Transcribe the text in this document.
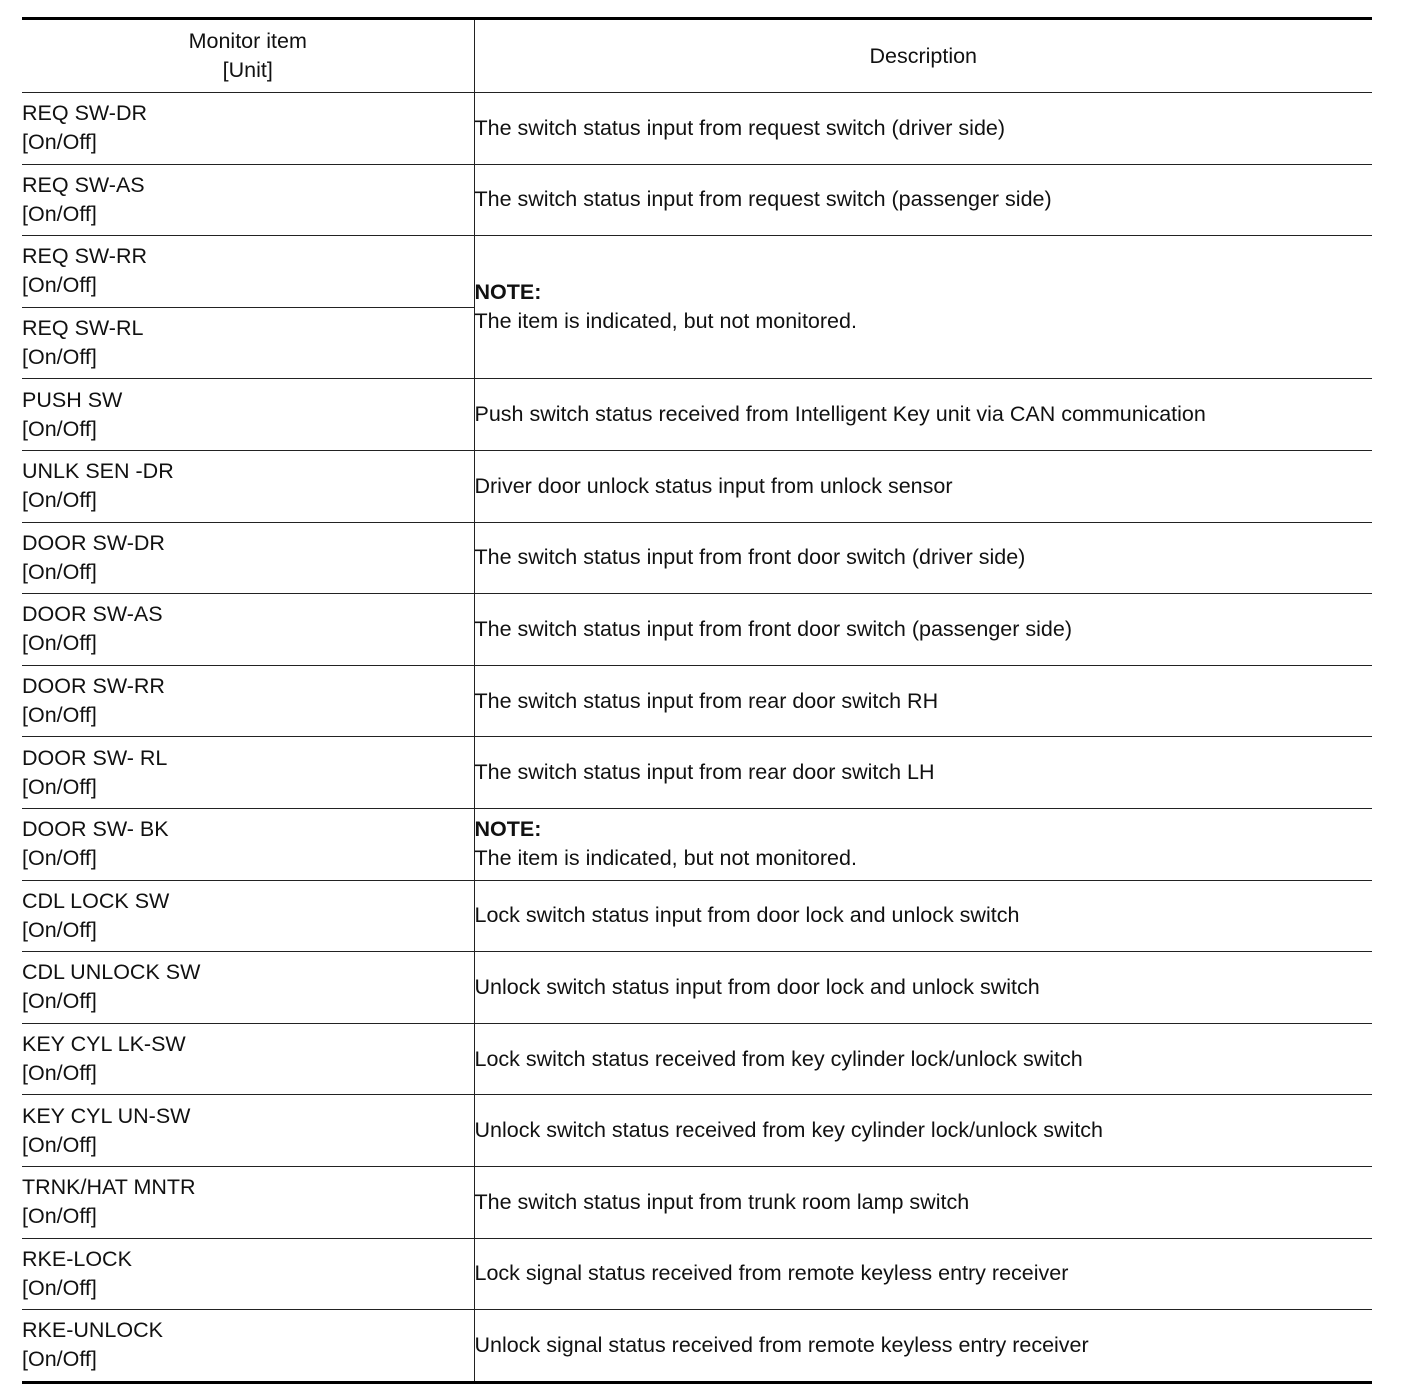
Monitor item
[Unit]	Description

REQ SW-DR
[On/Off]	The switch status input from request switch (driver side)

REQ SW-AS
[On/Off]	The switch status input from request switch (passenger side)

REQ SW-RR
[On/Off]	NOTE:
The item is indicated, but not monitored.

REQ SW-RL
[On/Off]	

PUSH SW
[On/Off]	Push switch status received from Intelligent Key unit via CAN communication

UNLK SEN -DR
[On/Off]	Driver door unlock status input from unlock sensor

DOOR SW-DR
[On/Off]	The switch status input from front door switch (driver side)

DOOR SW-AS
[On/Off]	The switch status input from front door switch (passenger side)

DOOR SW-RR
[On/Off]	The switch status input from rear door switch RH

DOOR SW- RL
[On/Off]	The switch status input from rear door switch LH

DOOR SW- BK
[On/Off]	NOTE:
The item is indicated, but not monitored.

CDL LOCK SW
[On/Off]	Lock switch status input from door lock and unlock switch

CDL UNLOCK SW
[On/Off]	Unlock switch status input from door lock and unlock switch

KEY CYL LK-SW
[On/Off]	Lock switch status received from key cylinder lock/unlock switch

KEY CYL UN-SW
[On/Off]	Unlock switch status received from key cylinder lock/unlock switch

TRNK/HAT MNTR
[On/Off]	The switch status input from trunk room lamp switch

RKE-LOCK
[On/Off]	Lock signal status received from remote keyless entry receiver

RKE-UNLOCK
[On/Off]	Unlock signal status received from remote keyless entry receiver
